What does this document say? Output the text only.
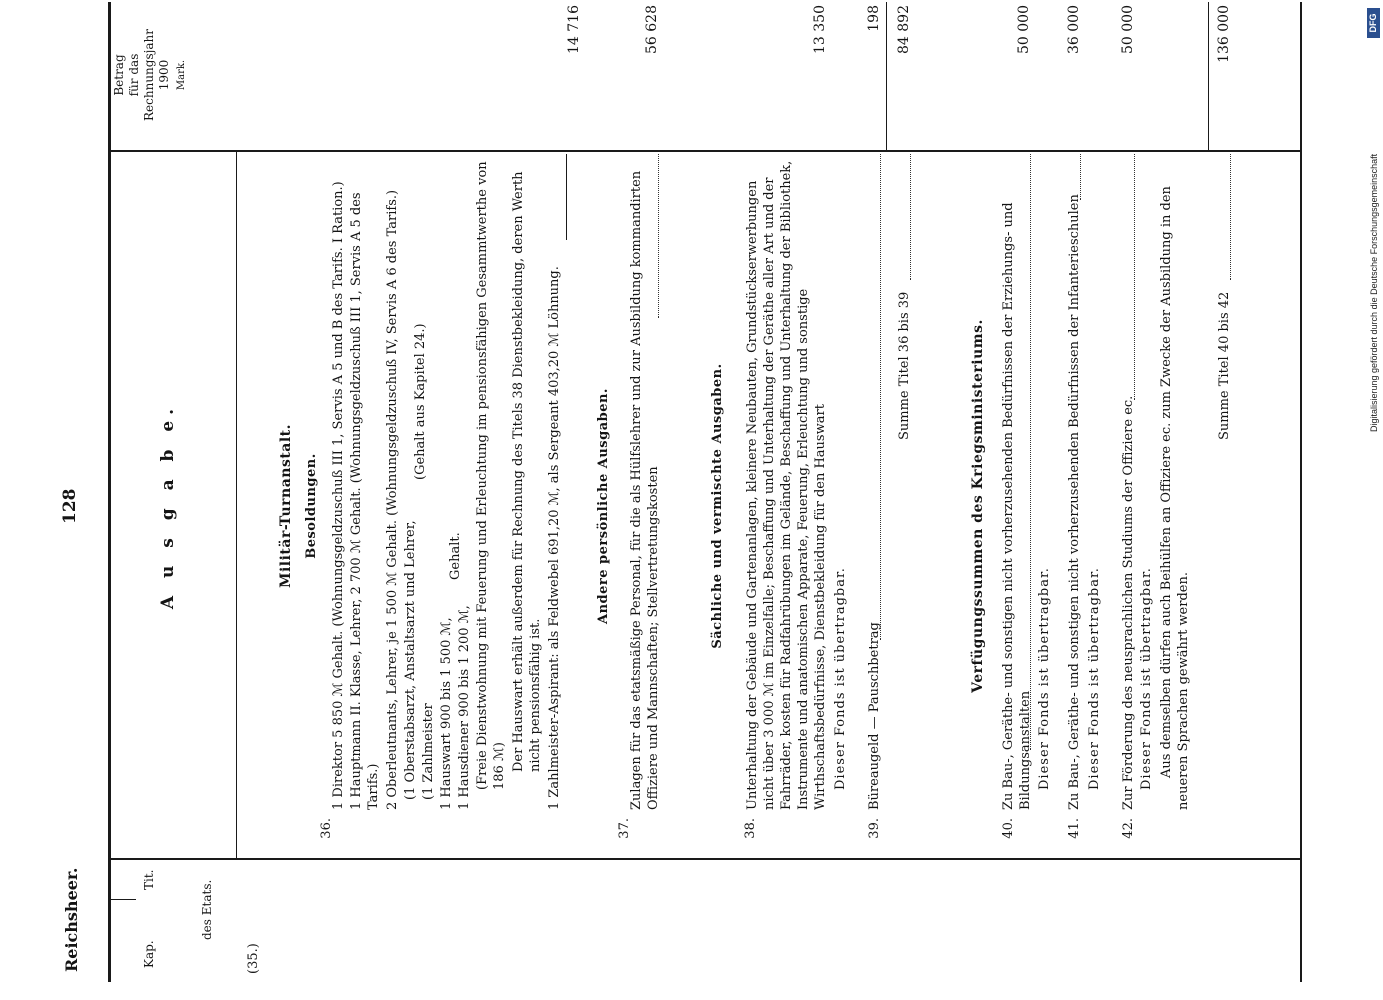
Reichsheer.
128
Kap.
Tit.	des Etats.
A u s g a b e.
Betrag für das Rechnungsjahr 1900 Mark.
(35.)
Militär-Turnanstalt. Besoldungen.
36.
1 Direktor 5 850 ℳ Gehalt. (Wohnungsgeldzuschuß III 1, Servis A 5 und B des Tarifs. I Ration.) 1 Hauptmann II. Klasse, Lehrer, 2 700 ℳ Gehalt. (Wohnungsgeldzuschuß III 1, Servis A 5 des Tarifs.) 2 Oberleutnants, Lehrer, je 1 500 ℳ Gehalt. (Wohnungsgeldzuschuß IV, Servis A 6 des Tarifs.) (1 Oberstabsarzt, Anstaltsarzt und Lehrer, (1 Zahlmeister
(Gehalt aus Kapitel 24.)
1 Hauswart 900 bis 1 500 ℳ, 1 Hausdiener 900 bis 1 200 ℳ,
Gehalt. (Freie Dienstwohnung mit Feuerung und Erleuchtung im pensionsfähigen Gesammtwerthe von 186 ℳ) Der Hauswart erhält außerdem für Rechnung des Titels 38 Dienstbekleidung, deren Werth nicht pensionsfähig ist. 1 Zahlmeister-Aspirant: als Feldwebel 691,20 ℳ, als Sergeant 403,20 ℳ Löhnung.
14 716
Andere persönliche Ausgaben.
37.
Zulagen für das etatsmäßige Personal, für die als Hülfslehrer und zur Ausbildung kommandirten Offiziere und Mannschaften; Stellvertretungskosten
56 628
Sächliche und vermischte Ausgaben.
38.
Unterhaltung der Gebäude und Gartenanlagen, kleinere Neubauten, Grundstückserwerbungen nicht über 3 000 ℳ im Einzelfalle; Beschaffung und Unterhaltung der Geräthe aller Art und der Fahrräder, kosten für Radfahrübungen im Gelände, Beschaffung und Unterhaltung der Bibliothek, Instrumente und anatomischen Apparate, Feuerung, Erleuchtung und sonstige Wirthschaftsbedürfnisse, Dienstbekleidung für den Hauswart Dieser Fonds ist übertragbar.
13 350
39.
Büreaugeld — Pauschbetrag
198
Summe Titel 36 bis 39
84 892
Verfügungssummen des Kriegsministeriums.
40.
Zu Bau-, Geräthe- und sonstigen nicht vorherzusehenden Bedürfnissen der Erziehungs- und Bildungsanstalten Dieser Fonds ist übertragbar.
50 000
41.
Zu Bau-, Geräthe- und sonstigen nicht vorherzusehenden Bedürfnissen der Infanterieschulen Dieser Fonds ist übertragbar.
36 000
42.
Zur Förderung des neusprachlichen Studiums der Offiziere ec. Dieser Fonds ist übertragbar. Aus demselben dürfen auch Beihülfen an Offiziere ec. zum Zwecke der Ausbildung in den neueren Sprachen gewährt werden.
50 000
Summe Titel 40 bis 42
136 000
Digitalisierung gefördert durch die Deutsche Forschungsgemeinschaft
DFG
